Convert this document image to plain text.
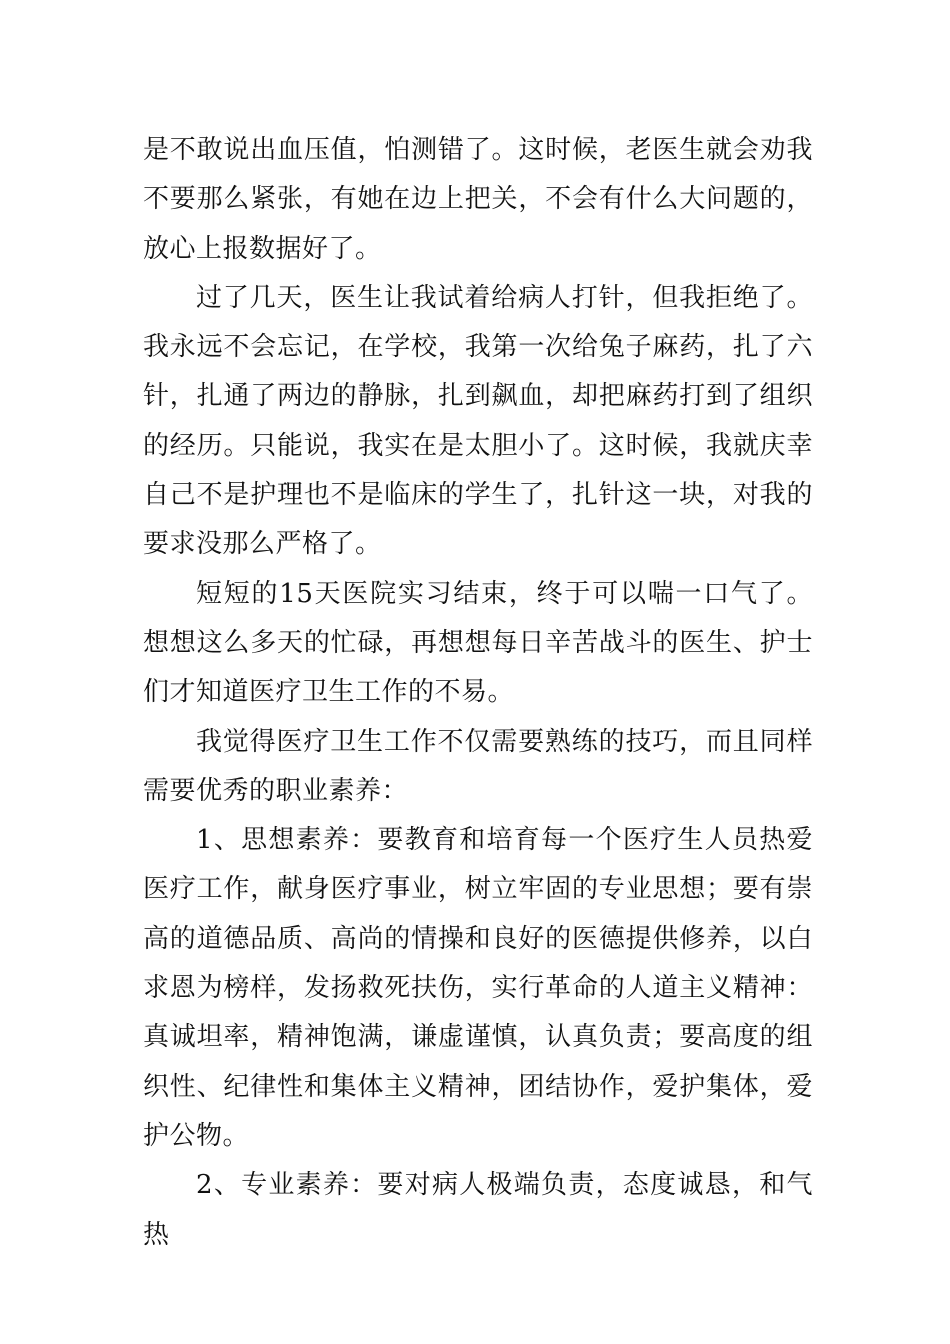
是不敢说出血压值，怕测错了。这时候，老医生就会劝我不要那么紧张，有她在边上把关，不会有什么大问题的，放心上报数据好了。

过了几天，医生让我试着给病人打针，但我拒绝了。我永远不会忘记，在学校，我第一次给兔子麻药，扎了六针，扎通了两边的静脉，扎到飙血，却把麻药打到了组织的经历。只能说，我实在是太胆小了。这时候，我就庆幸自己不是护理也不是临床的学生了，扎针这一块，对我的要求没那么严格了。

短短的15天医院实习结束，终于可以喘一口气了。想想这么多天的忙碌，再想想每日辛苦战斗的医生、护士们才知道医疗卫生工作的不易。

我觉得医疗卫生工作不仅需要熟练的技巧，而且同样需要优秀的职业素养：

1、思想素养：要教育和培育每一个医疗生人员热爱医疗工作，献身医疗事业，树立牢固的专业思想；要有崇高的道德品质、高尚的情操和良好的医德提供修养，以白求恩为榜样，发扬救死扶伤，实行革命的人道主义精神：真诚坦率，精神饱满，谦虚谨慎，认真负责；要高度的组织性、纪律性和集体主义精神，团结协作，爱护集体，爱护公物。

2、专业素养：要对病人极端负责，态度诚恳，和气热
